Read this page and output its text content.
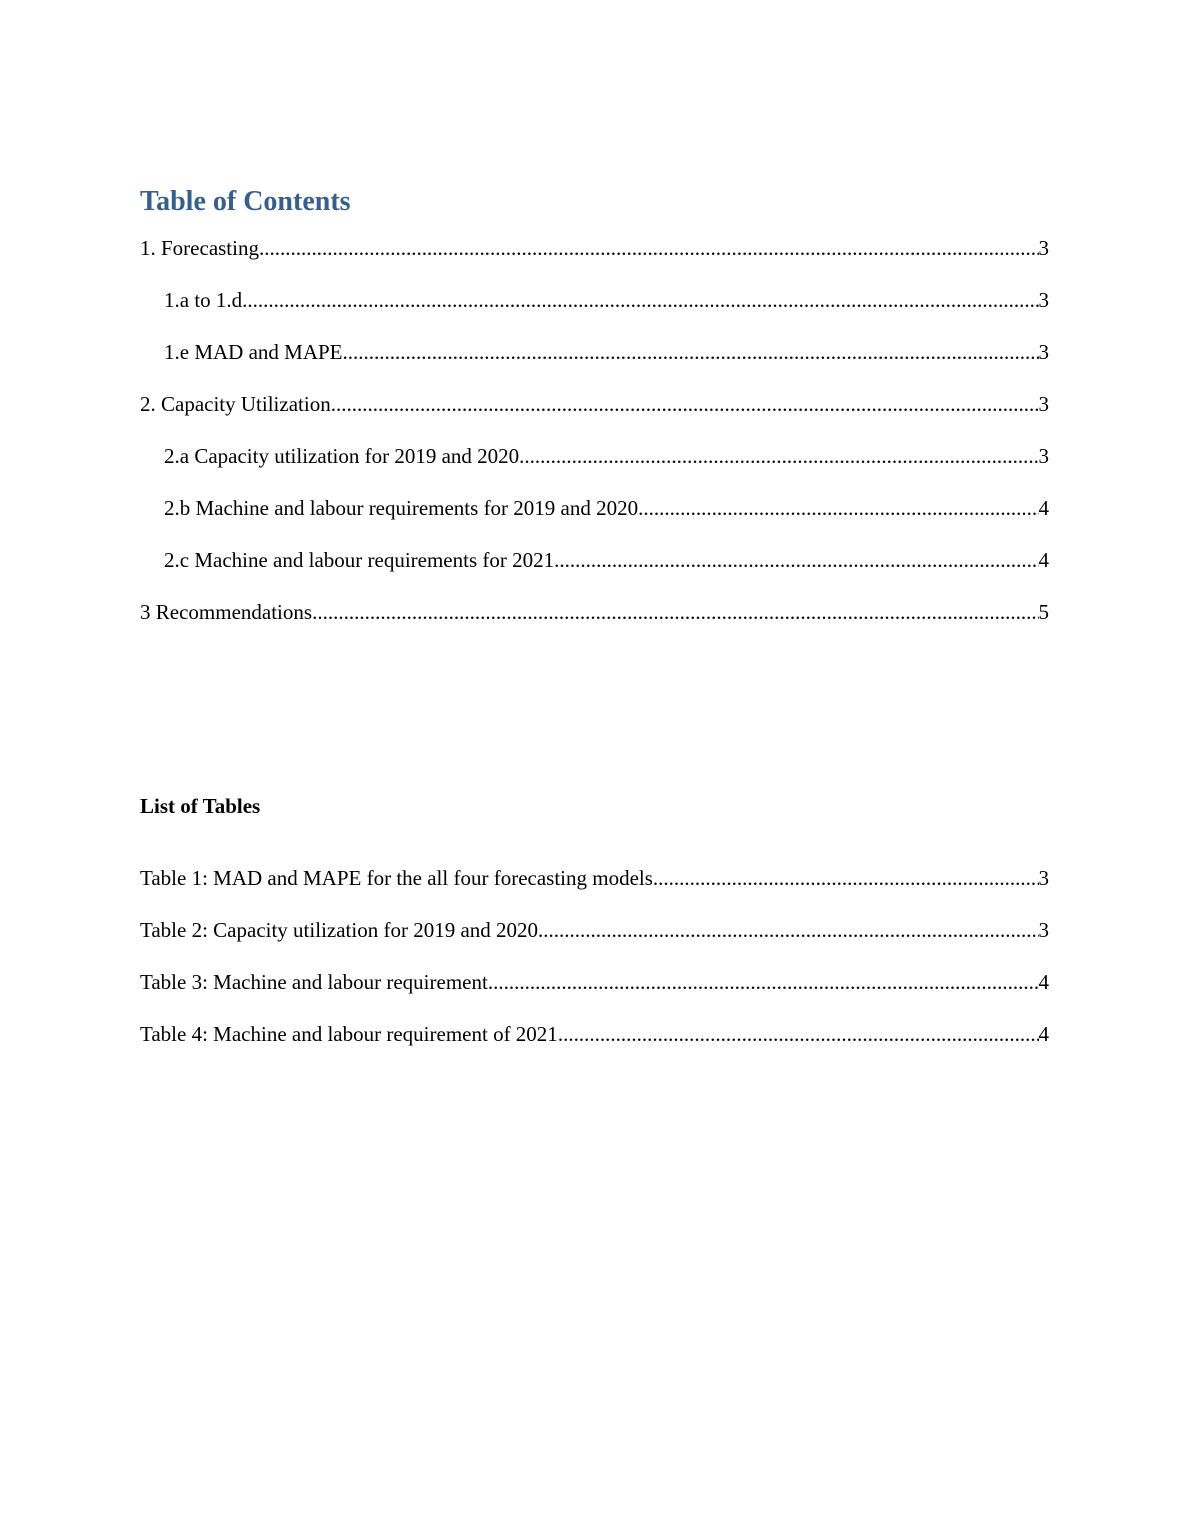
Table of Contents
1. Forecasting .....	3
1.a to 1.d .....	3
1.e MAD and MAPE .....	3
2. Capacity Utilization .....	3
2.a Capacity utilization for 2019 and 2020 .....	3
2.b Machine and labour requirements for 2019 and 2020 .....	4
2.c Machine and labour requirements for 2021 .....	4
3 Recommendations .....	5
List of Tables
Table 1: MAD and MAPE for the all four forecasting models .....	3
Table 2: Capacity utilization for 2019 and 2020 .....	3
Table 3: Machine and labour requirement .....	4
Table 4: Machine and labour requirement of 2021 .....	4
